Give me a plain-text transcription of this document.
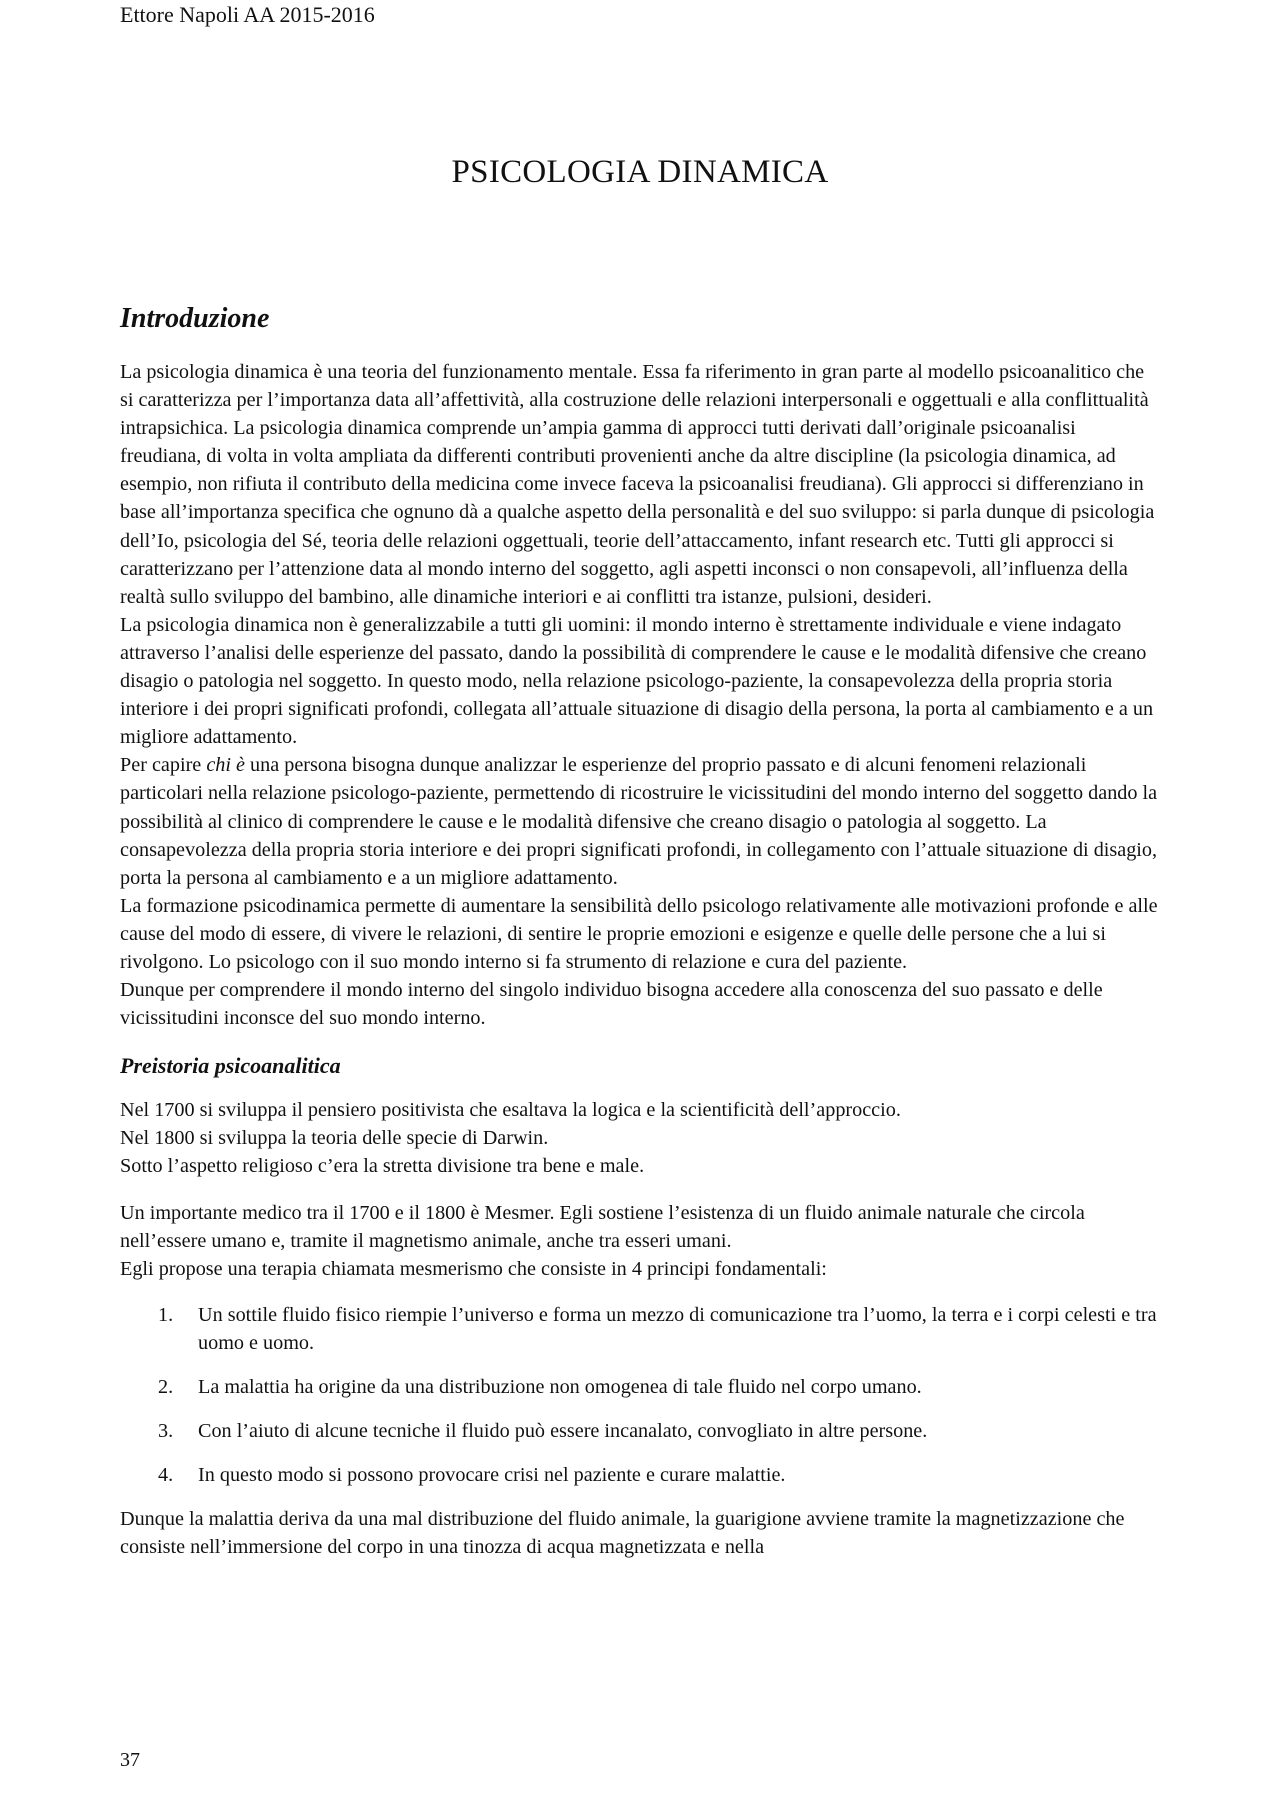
Ettore Napoli AA 2015-2016
PSICOLOGIA DINAMICA
Introduzione

La psicologia dinamica è una teoria del funzionamento mentale. Essa fa riferimento in gran parte al modello psicoanalitico che si caratterizza per l’importanza data all’affettività, alla costruzione delle relazioni interpersonali e oggettuali e alla conflittualità intrapsichica. La psicologia dinamica comprende un’ampia gamma di approcci tutti derivati dall’originale psicoanalisi freudiana, di volta in volta ampliata da differenti contributi provenienti anche da altre discipline (la psicologia dinamica, ad esempio, non rifiuta il contributo della medicina come invece faceva la psicoanalisi freudiana). Gli approcci si differenziano in base all’importanza specifica che ognuno dà a qualche aspetto della personalità e del suo sviluppo: si parla dunque di psicologia dell’Io, psicologia del Sé, teoria delle relazioni oggettuali, teorie dell’attaccamento, infant research etc. Tutti gli approcci si caratterizzano per l’attenzione data al mondo interno del soggetto, agli aspetti inconsci o non consapevoli, all’influenza della realtà sullo sviluppo del bambino, alle dinamiche interiori e ai conflitti tra istanze, pulsioni, desideri.

La psicologia dinamica non è generalizzabile a tutti gli uomini: il mondo interno è strettamente individuale e viene indagato attraverso l’analisi delle esperienze del passato, dando la possibilità di comprendere le cause e le modalità difensive che creano disagio o patologia nel soggetto. In questo modo, nella relazione psicologo-paziente, la consapevolezza della propria storia interiore i dei propri significati profondi, collegata all’attuale situazione di disagio della persona, la porta al cambiamento e a un migliore adattamento.

Per capire chi è una persona bisogna dunque analizzar le esperienze del proprio passato e di alcuni fenomeni relazionali particolari nella relazione psicologo-paziente, permettendo di ricostruire le vicissitudini del mondo interno del soggetto dando la possibilità al clinico di comprendere le cause e le modalità difensive che creano disagio o patologia al soggetto. La consapevolezza della propria storia interiore e dei propri significati profondi, in collegamento con l’attuale situazione di disagio, porta la persona al cambiamento e a un migliore adattamento.

La formazione psicodinamica permette di aumentare la sensibilità dello psicologo relativamente alle motivazioni profonde e alle cause del modo di essere, di vivere le relazioni, di sentire le proprie emozioni e esigenze e quelle delle persone che a lui si rivolgono. Lo psicologo con il suo mondo interno si fa strumento di relazione e cura del paziente.

Dunque per comprendere il mondo interno del singolo individuo bisogna accedere alla conoscenza del suo passato e delle vicissitudini inconsce del suo mondo interno.

Preistoria psicoanalitica

Nel 1700 si sviluppa il pensiero positivista che esaltava la logica e la scientificità dell’approccio.

Nel 1800 si sviluppa la teoria delle specie di Darwin.

Sotto l’aspetto religioso c’era la stretta divisione tra bene e male.

Un importante medico tra il 1700 e il 1800 è Mesmer. Egli sostiene l’esistenza di un fluido animale naturale che circola nell’essere umano e, tramite il magnetismo animale, anche tra esseri umani.

Egli propose una terapia chiamata mesmerismo che consiste in 4 principi fondamentali:

1. Un sottile fluido fisico riempie l’universo e forma un mezzo di comunicazione tra l’uomo, la terra e i corpi celesti e tra uomo e uomo.
2. La malattia ha origine da una distribuzione non omogenea di tale fluido nel corpo umano.
3. Con l’aiuto di alcune tecniche il fluido può essere incanalato, convogliato in altre persone.
4. In questo modo si possono provocare crisi nel paziente e curare malattie.

Dunque la malattia deriva da una mal distribuzione del fluido animale, la guarigione avviene tramite la magnetizzazione che consiste nell’immersione del corpo in una tinozza di acqua magnetizzata e nella

37
